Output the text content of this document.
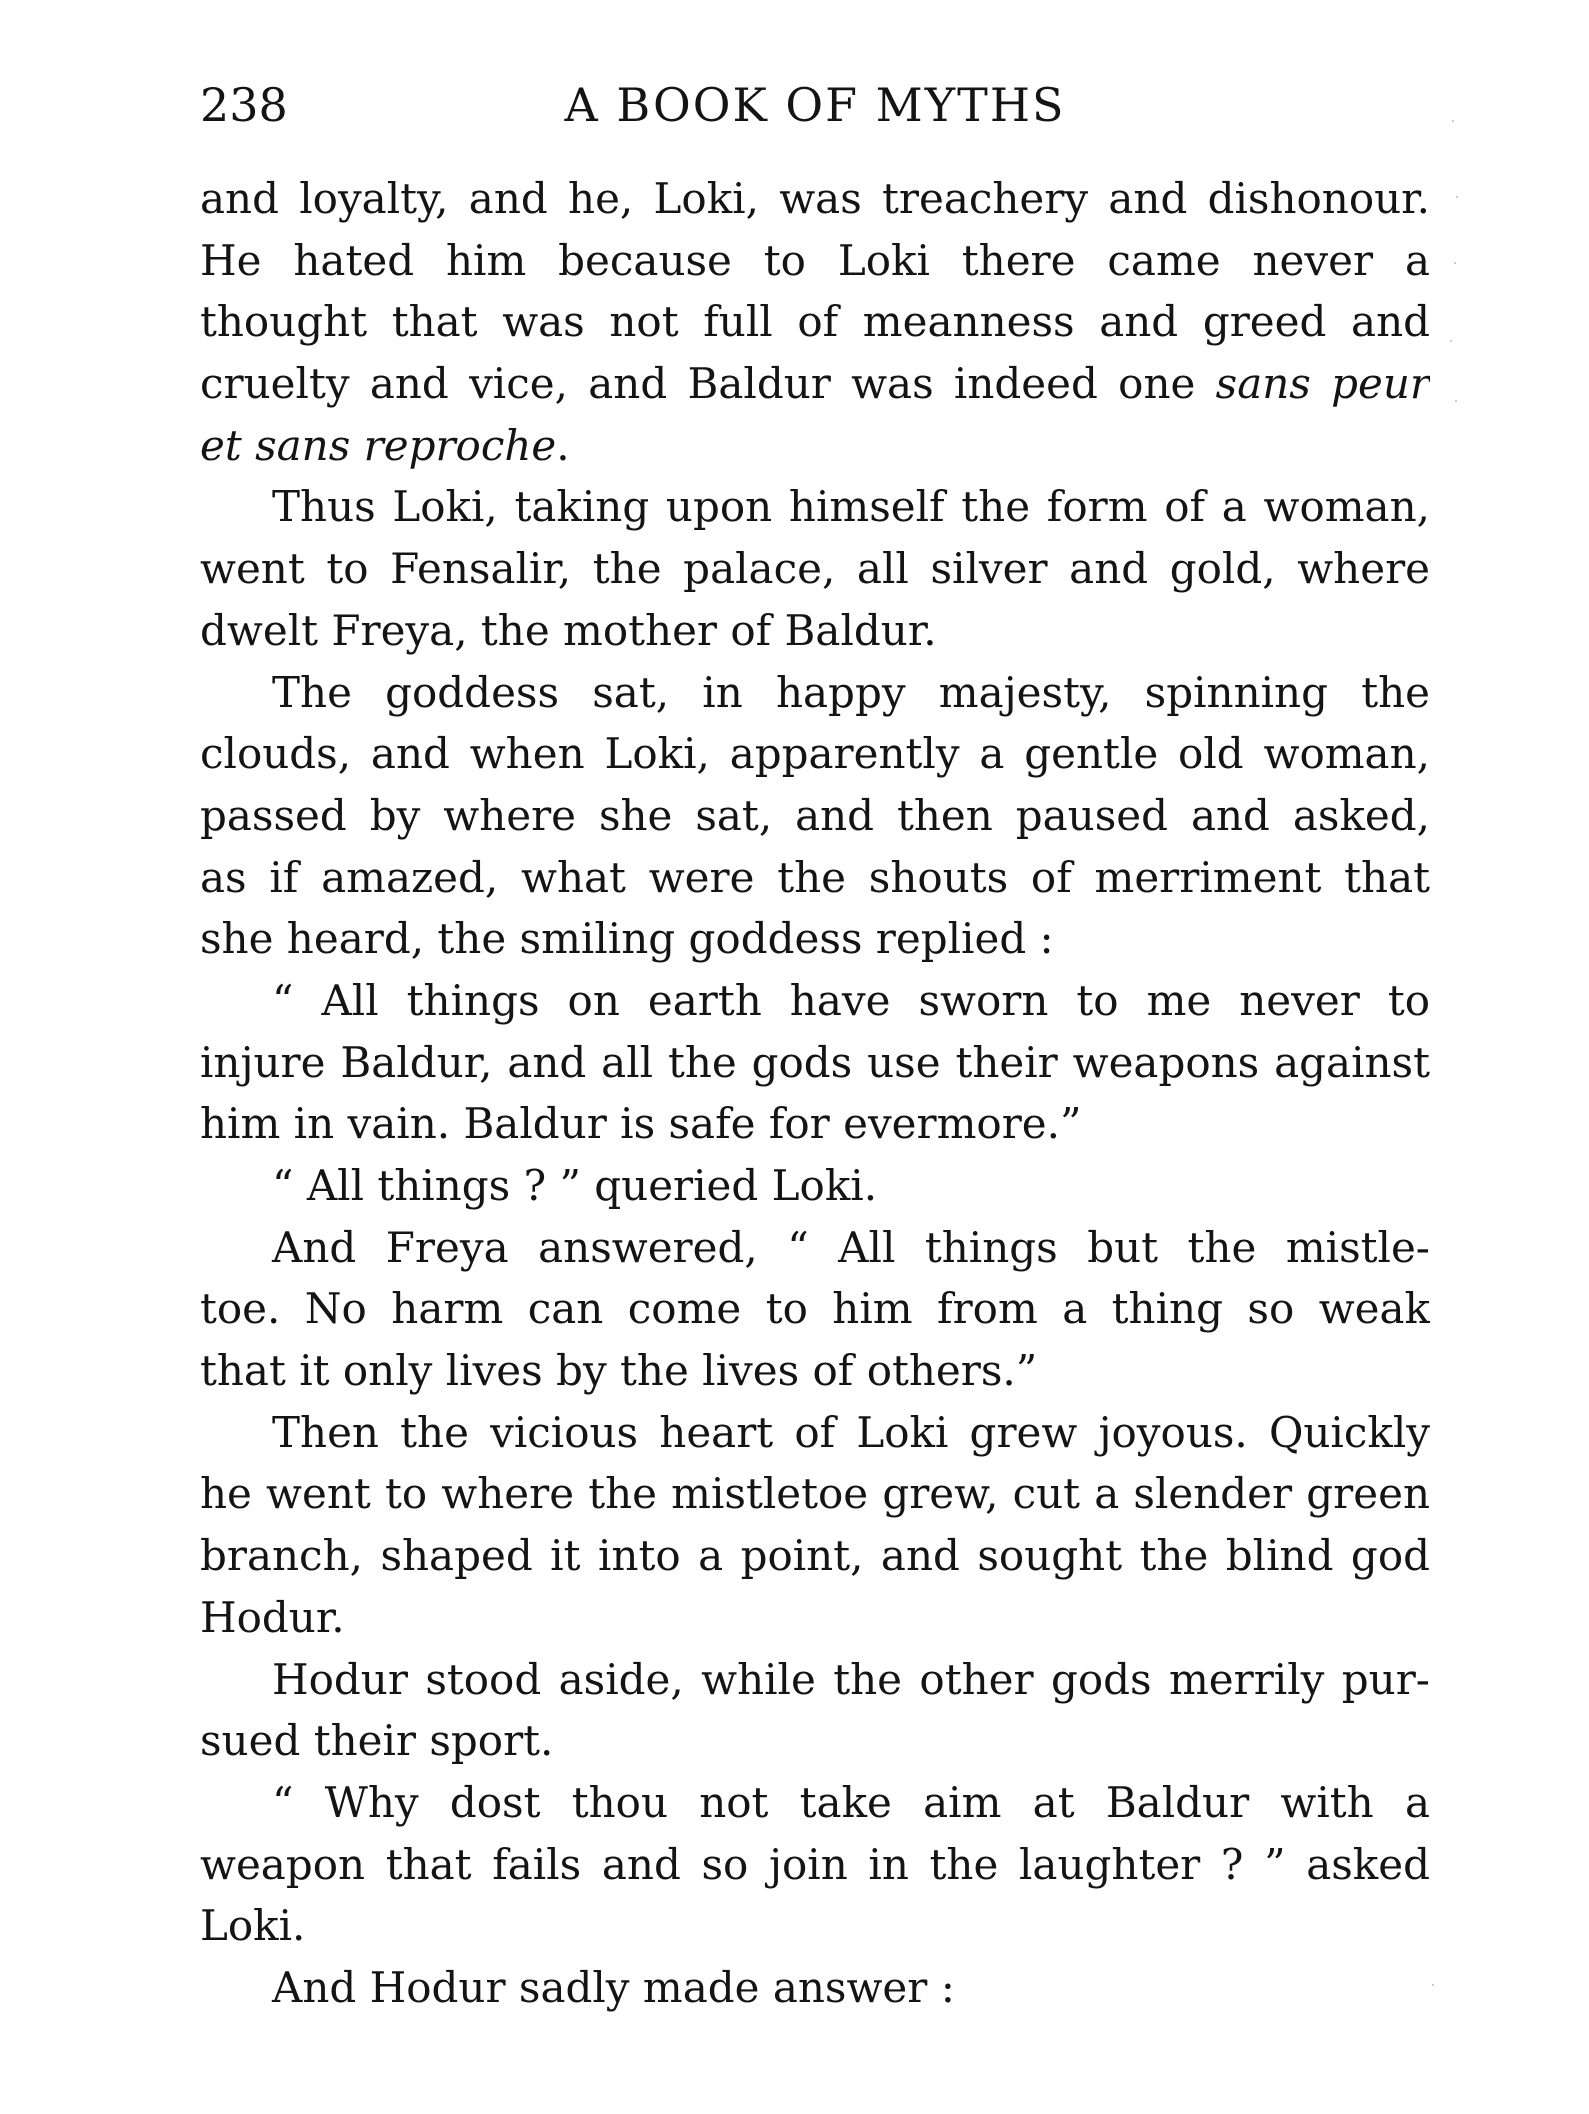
238	A BOOK OF MYTHS
and loyalty, and he, Loki, was treachery and dishonour.
He hated him because to Loki there came never a
thought that was not full of meanness and greed and
cruelty and vice, and Baldur was indeed one sans peur
et sans reproche.
Thus Loki, taking upon himself the form of a woman,
went to Fensalir, the palace, all silver and gold, where
dwelt Freya, the mother of Baldur.
The goddess sat, in happy majesty, spinning the
clouds, and when Loki, apparently a gentle old woman,
passed by where she sat, and then paused and asked,
as if amazed, what were the shouts of merriment that
she heard, the smiling goddess replied :
“ All things on earth have sworn to me never to
injure Baldur, and all the gods use their weapons against
him in vain. Baldur is safe for evermore.”
“ All things ? ” queried Loki.
And Freya answered, “ All things but the mistle-
toe. No harm can come to him from a thing so weak
that it only lives by the lives of others.”
Then the vicious heart of Loki grew joyous. Quickly
he went to where the mistletoe grew, cut a slender green
branch, shaped it into a point, and sought the blind god
Hodur.
Hodur stood aside, while the other gods merrily pur-
sued their sport.
“ Why dost thou not take aim at Baldur with a
weapon that fails and so join in the laughter ? ” asked
Loki.
And Hodur sadly made answer :
